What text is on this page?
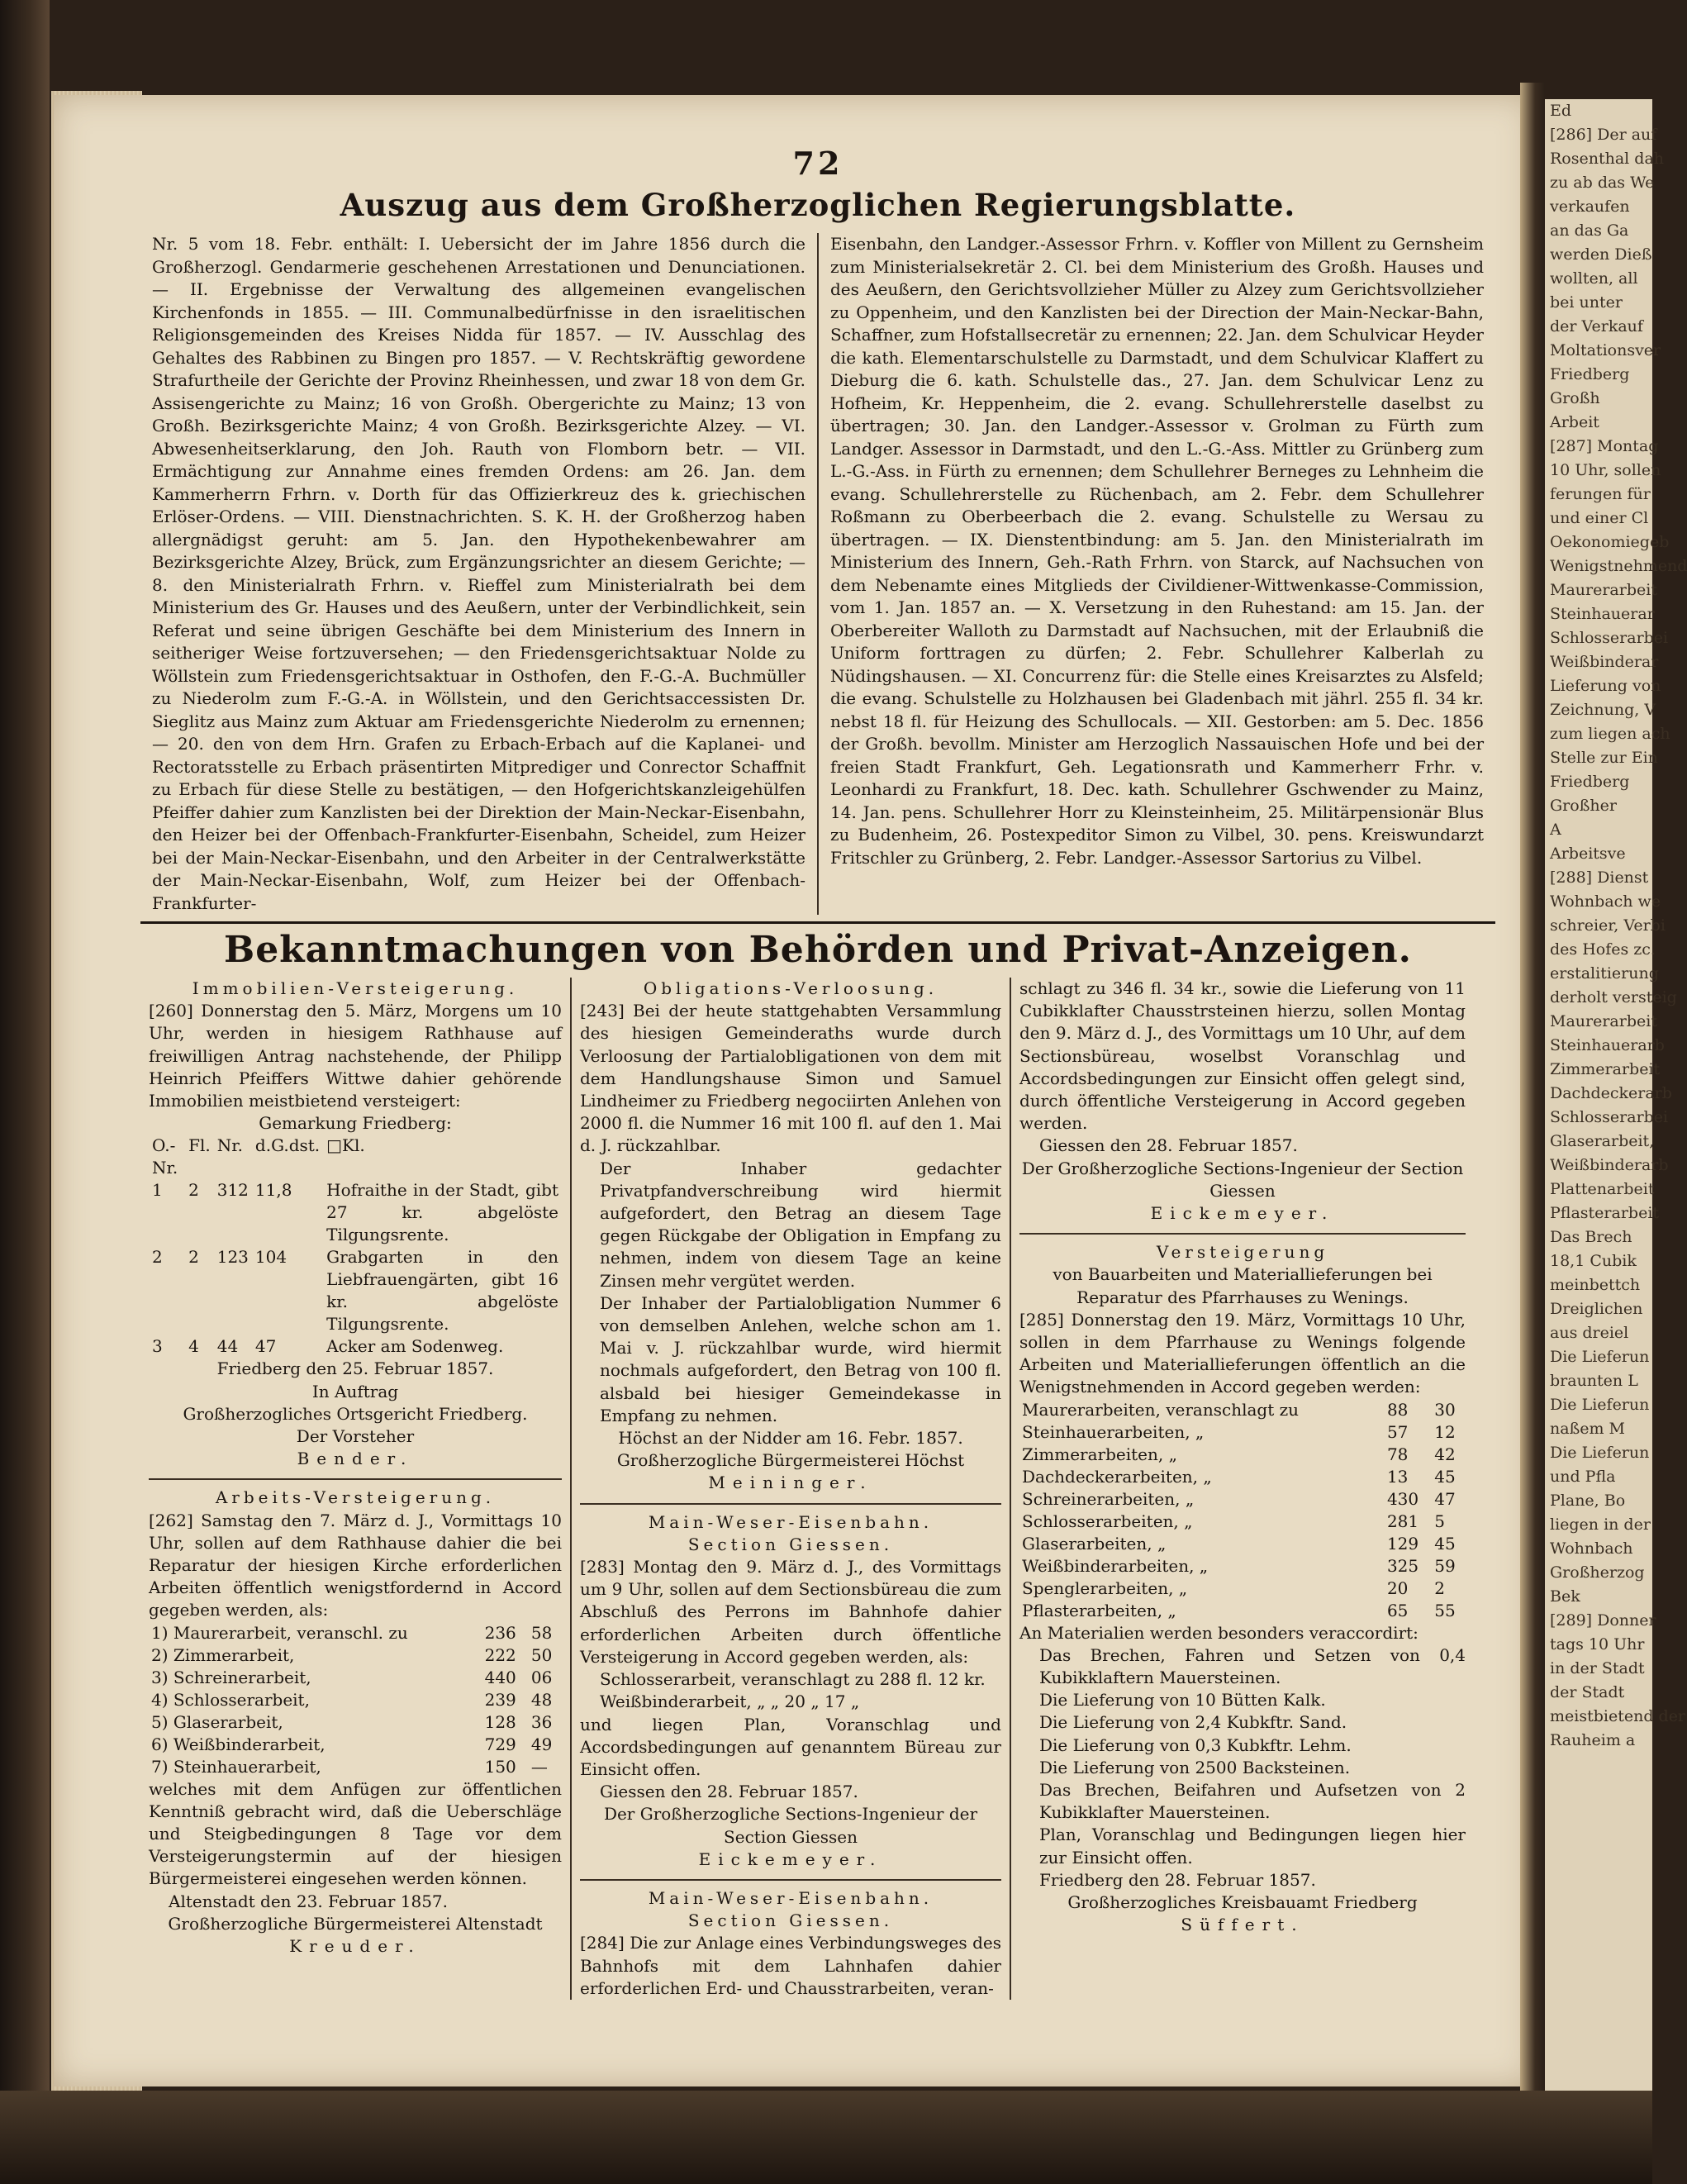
Ed
[286] Der auf
Rosenthal dah
zu ab das We
verkaufen
an das Ga
werden Dieß
wollten, all
bei unter
der Verkauf
Moltationsver
Friedberg
Großh
Arbeit
[287] Montag
10 Uhr, sollen
ferungen für
und einer Cl
Oekonomiegeb
Wenigstnehmend
Maurerarbeit
Steinhauerar
Schlosserarbei
Weißbinderar
Lieferung von
Zeichnung, V
zum liegen ach
Stelle zur Ein
Friedberg
Großher
A
Arbeitsve
[288] Dienst
Wohnbach we
schreier, Verbi
des Hofes zc.
erstalitierung
derholt versteig
Maurerarbeit
Steinhauerarb
Zimmerarbeit
Dachdeckerarb
Schlosserarbei
Glaserarbeit,
Weißbinderarb
Plattenarbeit
Pflasterarbeit
Das Brech
18,1 Cubik
meinbettch
Dreiglichen
aus dreiel
Die Lieferun
braunten L
Die Lieferun
naßem M
Die Lieferun
und Pfla
Plane, Bo
liegen in der
Wohnbach
Großherzog
Bek
[289] Donner
tags 10 Uhr
in der Stadt
der Stadt
meistbietend der
Rauheim a
72
Auszug aus dem Großherzoglichen Regierungsblatte.
Nr. 5 vom 18. Febr. enthält: I. Uebersicht der im Jahre 1856 durch die Großherzogl. Gendarmerie geschehenen Arrestationen und Denunciationen. — II. Ergebnisse der Verwaltung des allgemeinen evangelischen Kirchenfonds in 1855. — III. Communalbedürfnisse in den israelitischen Religionsgemeinden des Kreises Nidda für 1857. — IV. Ausschlag des Gehaltes des Rabbinen zu Bingen pro 1857. — V. Rechtskräftig gewordene Strafurtheile der Gerichte der Provinz Rheinhessen, und zwar 18 von dem Gr. Assisengerichte zu Mainz; 16 von Großh. Obergerichte zu Mainz; 13 von Großh. Bezirksgerichte Mainz; 4 von Großh. Bezirksgerichte Alzey. — VI. Abwesenheitserklarung, den Joh. Rauth von Flomborn betr. — VII. Ermächtigung zur Annahme eines fremden Ordens: am 26. Jan. dem Kammerherrn Frhrn. v. Dorth für das Offizierkreuz des k. griechischen Erlöser-Ordens. — VIII. Dienstnachrichten. S. K. H. der Großherzog haben allergnädigst geruht: am 5. Jan. den Hypothekenbewahrer am Bezirksgerichte Alzey, Brück, zum Ergänzungsrichter an diesem Gerichte; — 8. den Ministerialrath Frhrn. v. Rieffel zum Ministerialrath bei dem Ministerium des Gr. Hauses und des Aeußern, unter der Verbindlichkeit, sein Referat und seine übrigen Geschäfte bei dem Ministerium des Innern in seitheriger Weise fortzuversehen; — den Friedensgerichtsaktuar Nolde zu Wöllstein zum Friedensgerichtsaktuar in Osthofen, den F.-G.-A. Buchmüller zu Niederolm zum F.-G.-A. in Wöllstein, und den Gerichtsaccessisten Dr. Sieglitz aus Mainz zum Aktuar am Friedensgerichte Niederolm zu ernennen; — 20. den von dem Hrn. Grafen zu Erbach-Erbach auf die Kaplanei- und Rectoratsstelle zu Erbach präsentirten Mitprediger und Conrector Schaffnit zu Erbach für diese Stelle zu bestätigen, — den Hofgerichtskanzleigehülfen Pfeiffer dahier zum Kanzlisten bei der Direktion der Main-Neckar-Eisenbahn, den Heizer bei der Offenbach-Frankfurter-Eisenbahn, Scheidel, zum Heizer bei der Main-Neckar-Eisenbahn, und den Arbeiter in der Centralwerkstätte der Main-Neckar-Eisenbahn, Wolf, zum Heizer bei der Offenbach-Frankfurter-
Eisenbahn, den Landger.-Assessor Frhrn. v. Koffler von Millent zu Gernsheim zum Ministerialsekretär 2. Cl. bei dem Ministerium des Großh. Hauses und des Aeußern, den Gerichtsvollzieher Müller zu Alzey zum Gerichtsvollzieher zu Oppenheim, und den Kanzlisten bei der Direction der Main-Neckar-Bahn, Schaffner, zum Hofstallsecretär zu ernennen; 22. Jan. dem Schulvicar Heyder die kath. Elementarschulstelle zu Darmstadt, und dem Schulvicar Klaffert zu Dieburg die 6. kath. Schulstelle das., 27. Jan. dem Schulvicar Lenz zu Hofheim, Kr. Heppenheim, die 2. evang. Schullehrerstelle daselbst zu übertragen; 30. Jan. den Landger.-Assessor v. Grolman zu Fürth zum Landger. Assessor in Darmstadt, und den L.-G.-Ass. Mittler zu Grünberg zum L.-G.-Ass. in Fürth zu ernennen; dem Schullehrer Berneges zu Lehnheim die evang. Schullehrerstelle zu Rüchenbach, am 2. Febr. dem Schullehrer Roßmann zu Oberbeerbach die 2. evang. Schulstelle zu Wersau zu übertragen. — IX. Dienstentbindung: am 5. Jan. den Ministerialrath im Ministerium des Innern, Geh.-Rath Frhrn. von Starck, auf Nachsuchen von dem Nebenamte eines Mitglieds der Civildiener-Wittwenkasse-Commission, vom 1. Jan. 1857 an. — X. Versetzung in den Ruhestand: am 15. Jan. der Oberbereiter Walloth zu Darmstadt auf Nachsuchen, mit der Erlaubniß die Uniform forttragen zu dürfen; 2. Febr. Schullehrer Kalberlah zu Nüdingshausen. — XI. Concurrenz für: die Stelle eines Kreisarztes zu Alsfeld; die evang. Schulstelle zu Holzhausen bei Gladenbach mit jährl. 255 fl. 34 kr. nebst 18 fl. für Heizung des Schullocals. — XII. Gestorben: am 5. Dec. 1856 der Großh. bevollm. Minister am Herzoglich Nassauischen Hofe und bei der freien Stadt Frankfurt, Geh. Legationsrath und Kammerherr Frhr. v. Leonhardi zu Frankfurt, 18. Dec. kath. Schullehrer Gschwender zu Mainz, 14. Jan. pens. Schullehrer Horr zu Kleinsteinheim, 25. Militärpensionär Blus zu Budenheim, 26. Postexpeditor Simon zu Vilbel, 30. pens. Kreiswundarzt Fritschler zu Grünberg, 2. Febr. Landger.-Assessor Sartorius zu Vilbel.
Bekanntmachungen von Behörden und Privat-Anzeigen.
Immobilien-Versteigerung.
[260] Donnerstag den 5. März, Morgens um 10 Uhr, werden in hiesigem Rathhause auf freiwilligen Antrag nachstehende, der Philipp Heinrich Pfeiffers Wittwe dahier gehörende Immobilien meistbietend versteigert:
Gemarkung Friedberg:
O.-Nr.	Fl.	Nr.	d.G.dst.	□Kl.
1	2	312	11,8	Hofraithe in der Stadt, gibt 27 kr. abgelöste Tilgungsrente.
2	2	123	104	Grabgarten in den Liebfrauengärten, gibt 16 kr. abgelöste Tilgungsrente.
3	4	44	47	Acker am Sodenweg.
Friedberg den 25. Februar 1857.
In Auftrag
Großherzogliches Ortsgericht Friedberg.
Der Vorsteher
Bender.
Arbeits-Versteigerung.
[262] Samstag den 7. März d. J., Vormittags 10 Uhr, sollen auf dem Rathhause dahier die bei Reparatur der hiesigen Kirche erforderlichen Arbeiten öffentlich wenigstfordernd in Accord gegeben werden, als:
1) Maurerarbeit, veranschl. zu	236	58
2) Zimmerarbeit,	222	50
3) Schreinerarbeit,	440	06
4) Schlosserarbeit,	239	48
5) Glaserarbeit,	128	36
6) Weißbinderarbeit,	729	49
7) Steinhauerarbeit,	150	—
welches mit dem Anfügen zur öffentlichen Kenntniß gebracht wird, daß die Ueberschläge und Steigbedingungen 8 Tage vor dem Versteigerungstermin auf der hiesigen Bürgermeisterei eingesehen werden können.
Altenstadt den 23. Februar 1857.
Großherzogliche Bürgermeisterei Altenstadt
Kreuder.
Obligations-Verloosung.
[243] Bei der heute stattgehabten Versammlung des hiesigen Gemeinderaths wurde durch Verloosung der Partialobligationen von dem mit dem Handlungshause Simon und Samuel Lindheimer zu Friedberg negociirten Anlehen von 2000 fl. die Nummer 16 mit 100 fl. auf den 1. Mai d. J. rückzahlbar.
Der Inhaber gedachter Privatpfandverschreibung wird hiermit aufgefordert, den Betrag an diesem Tage gegen Rückgabe der Obligation in Empfang zu nehmen, indem von diesem Tage an keine Zinsen mehr vergütet werden.
Der Inhaber der Partialobligation Nummer 6 von demselben Anlehen, welche schon am 1. Mai v. J. rückzahlbar wurde, wird hiermit nochmals aufgefordert, den Betrag von 100 fl. alsbald bei hiesiger Gemeindekasse in Empfang zu nehmen.
Höchst an der Nidder am 16. Febr. 1857.
Großherzogliche Bürgermeisterei Höchst
Meininger.
Main-Weser-Eisenbahn.
Section Giessen.
[283] Montag den 9. März d. J., des Vormittags um 9 Uhr, sollen auf dem Sectionsbüreau die zum Abschluß des Perrons im Bahnhofe dahier erforderlichen Arbeiten durch öffentliche Versteigerung in Accord gegeben werden, als:
Schlosserarbeit, veranschlagt zu 288 fl. 12 kr.
Weißbinderarbeit, „ „ 20 „ 17 „
und liegen Plan, Voranschlag und Accordsbedingungen auf genanntem Büreau zur Einsicht offen.
Giessen den 28. Februar 1857.
Der Großherzogliche Sections-Ingenieur der Section Giessen
Eickemeyer.
Main-Weser-Eisenbahn.
Section Giessen.
[284] Die zur Anlage eines Verbindungsweges des Bahnhofs mit dem Lahnhafen dahier erforderlichen Erd- und Chausstrarbeiten, veran-
schlagt zu 346 fl. 34 kr., sowie die Lieferung von 11 Cubikklafter Chausstrsteinen hierzu, sollen Montag den 9. März d. J., des Vormittags um 10 Uhr, auf dem Sectionsbüreau, woselbst Voranschlag und Accordsbedingungen zur Einsicht offen gelegt sind, durch öffentliche Versteigerung in Accord gegeben werden.
Giessen den 28. Februar 1857.
Der Großherzogliche Sections-Ingenieur der Section Giessen
Eickemeyer.
Versteigerung
von Bauarbeiten und Materiallieferungen bei Reparatur des Pfarrhauses zu Wenings.
[285] Donnerstag den 19. März, Vormittags 10 Uhr, sollen in dem Pfarrhause zu Wenings folgende Arbeiten und Materiallieferungen öffentlich an die Wenigstnehmenden in Accord gegeben werden:
Maurerarbeiten, veranschlagt zu	88	30
Steinhauerarbeiten, „	57	12
Zimmerarbeiten, „	78	42
Dachdeckerarbeiten, „	13	45
Schreinerarbeiten, „	430	47
Schlosserarbeiten, „	281	5
Glaserarbeiten, „	129	45
Weißbinderarbeiten, „	325	59
Spenglerarbeiten, „	20	2
Pflasterarbeiten, „	65	55
An Materialien werden besonders veraccordirt:
Das Brechen, Fahren und Setzen von 0,4 Kubikklaftern Mauersteinen.
Die Lieferung von 10 Bütten Kalk.
Die Lieferung von 2,4 Kubkftr. Sand.
Die Lieferung von 0,3 Kubkftr. Lehm.
Die Lieferung von 2500 Backsteinen.
Das Brechen, Beifahren und Aufsetzen von 2 Kubikklafter Mauersteinen.
Plan, Voranschlag und Bedingungen liegen hier zur Einsicht offen.
Friedberg den 28. Februar 1857.
Großherzogliches Kreisbauamt Friedberg
Süffert.
